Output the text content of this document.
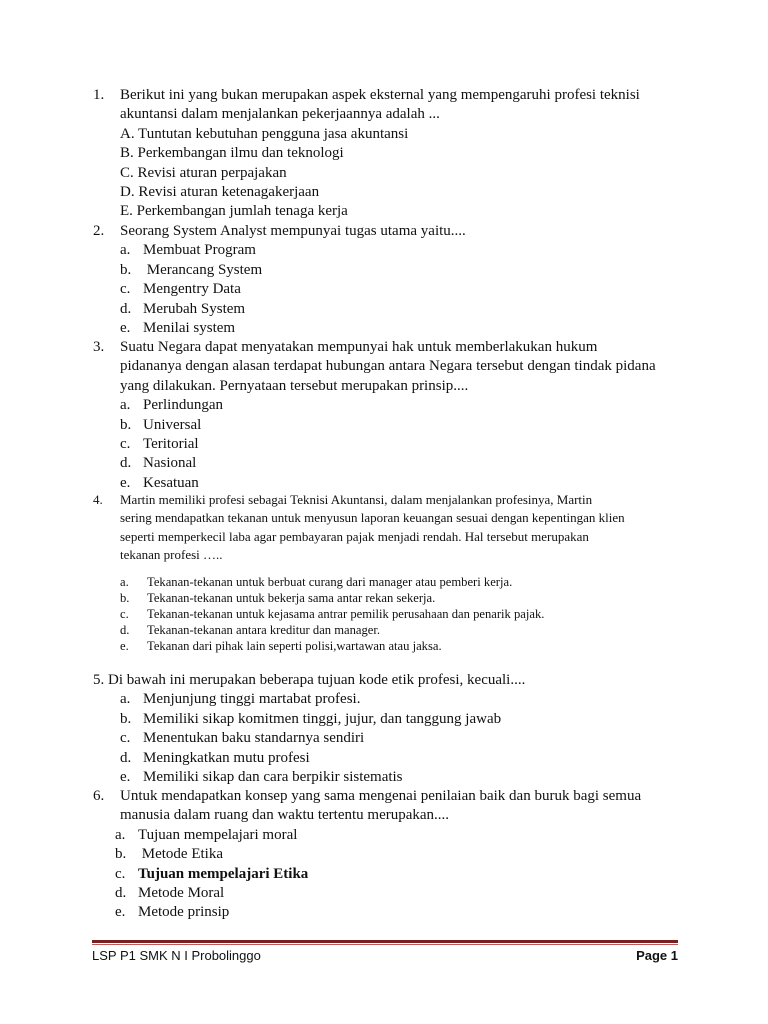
1. Berikut ini yang bukan merupakan aspek eksternal yang mempengaruhi profesi teknisi
akuntansi dalam menjalankan pekerjaannya adalah ...
A. Tuntutan kebutuhan pengguna jasa akuntansi
B. Perkembangan ilmu dan teknologi
C. Revisi aturan perpajakan
D. Revisi aturan ketenagakerjaan
E. Perkembangan jumlah tenaga kerja
2. Seorang System Analyst mempunyai tugas utama yaitu....
a. Membuat Program
b. Merancang System
c. Mengentry Data
d. Merubah System
e. Menilai system
3. Suatu Negara dapat menyatakan mempunyai hak untuk memberlakukan hukum
pidananya dengan alasan terdapat hubungan antara Negara tersebut dengan tindak pidana
yang dilakukan. Pernyataan tersebut merupakan prinsip....
a. Perlindungan
b. Universal
c. Teritorial
d. Nasional
e. Kesatuan
4. Martin memiliki profesi sebagai Teknisi Akuntansi, dalam menjalankan profesinya, Martin
sering mendapatkan tekanan untuk menyusun laporan keuangan sesuai dengan kepentingan klien
seperti memperkecil laba agar pembayaran pajak menjadi rendah. Hal tersebut merupakan
tekanan profesi …..
a. Tekanan-tekanan untuk berbuat curang dari manager atau pemberi kerja.
b. Tekanan-tekanan untuk bekerja sama antar rekan sekerja.
c. Tekanan-tekanan untuk kejasama antrar pemilik perusahaan dan penarik pajak.
d. Tekanan-tekanan antara kreditur dan manager.
e. Tekanan dari pihak lain seperti polisi,wartawan atau jaksa.
5. Di bawah ini merupakan beberapa tujuan kode etik profesi, kecuali....
a. Menjunjung tinggi martabat profesi.
b. Memiliki sikap komitmen tinggi, jujur, dan tanggung jawab
c. Menentukan baku standarnya sendiri
d. Meningkatkan mutu profesi
e. Memiliki sikap dan cara berpikir sistematis
6. Untuk mendapatkan konsep yang sama mengenai penilaian baik dan buruk bagi semua
manusia dalam ruang dan waktu tertentu merupakan....
a. Tujuan mempelajari moral
b. Metode Etika
c. Tujuan mempelajari Etika
d. Metode Moral
e. Metode prinsip
LSP P1 SMK N I Probolinggo	Page 1
